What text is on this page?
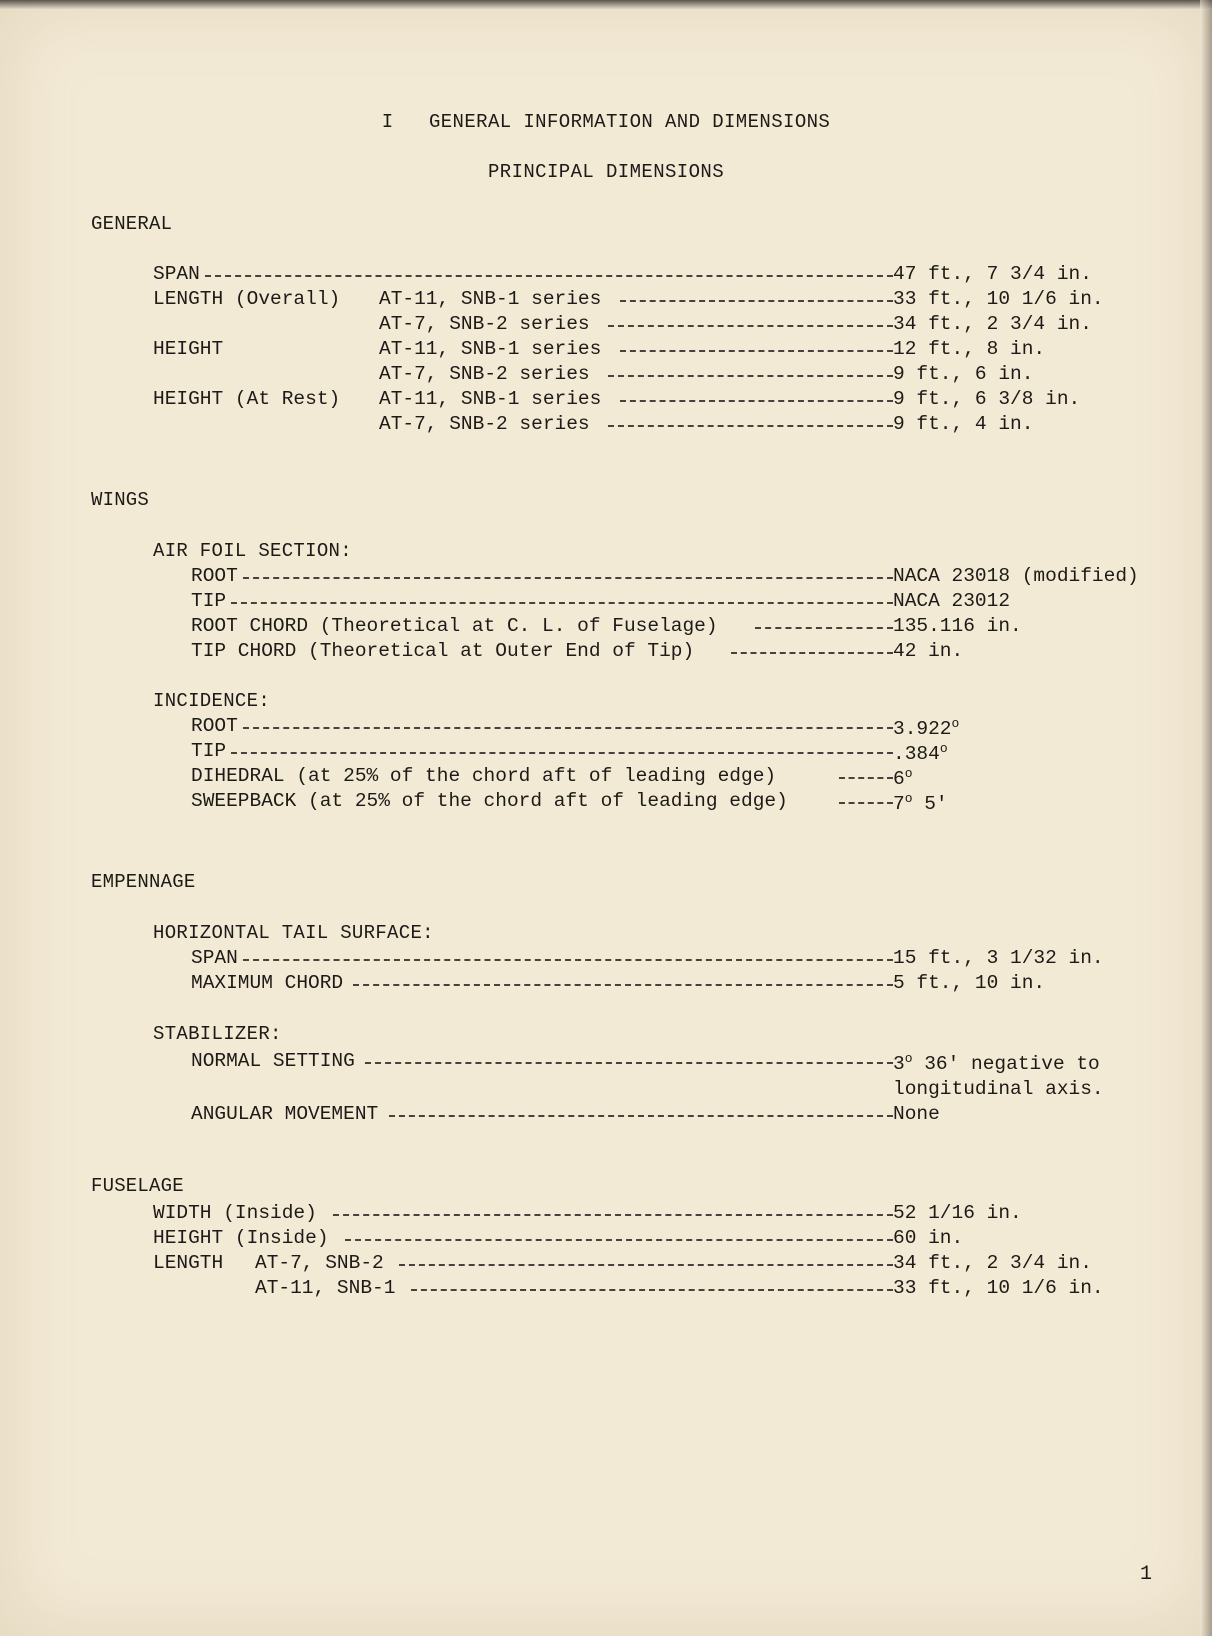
I   GENERAL INFORMATION AND DIMENSIONS
PRINCIPAL DIMENSIONS
GENERAL
SPAN	47 ft., 7 3/4 in.
LENGTH (Overall) AT-11, SNB-1 series	33 ft., 10 1/6 in.
AT-7, SNB-2 series	34 ft., 2 3/4 in.
HEIGHT	AT-11, SNB-1 series	12 ft., 8 in.
AT-7, SNB-2 series	9 ft., 6 in.
HEIGHT (At Rest) AT-11, SNB-1 series	9 ft., 6 3/8 in.
AT-7, SNB-2 series	9 ft., 4 in.
WINGS
AIR FOIL SECTION:
ROOT	NACA 23018 (modified)
TIP	NACA 23012
ROOT CHORD (Theoretical at C. L. of Fuselage)	135.116 in.
TIP CHORD (Theoretical at Outer End of Tip)	42 in.
INCIDENCE:
ROOT	3.922$^o$
TIP	.384$^o$
DIHEDRAL (at 25% of the chord aft of leading edge)	6$^o$
SWEEPBACK (at 25% of the chord aft of leading edge)	7$^o$ 5'
EMPENNAGE
HORIZONTAL TAIL SURFACE:
SPAN	15 ft., 3 1/32 in.
MAXIMUM CHORD	5 ft., 10 in.
STABILIZER:
NORMAL SETTING	3$^o$ 36' negative to
longitudinal axis.
ANGULAR MOVEMENT	None
FUSELAGE
WIDTH (Inside)	52 1/16 in.
HEIGHT (Inside)	60 in.
LENGTH AT-7, SNB-2	34 ft., 2 3/4 in.
AT-11, SNB-1	33 ft., 10 1/6 in.
1
